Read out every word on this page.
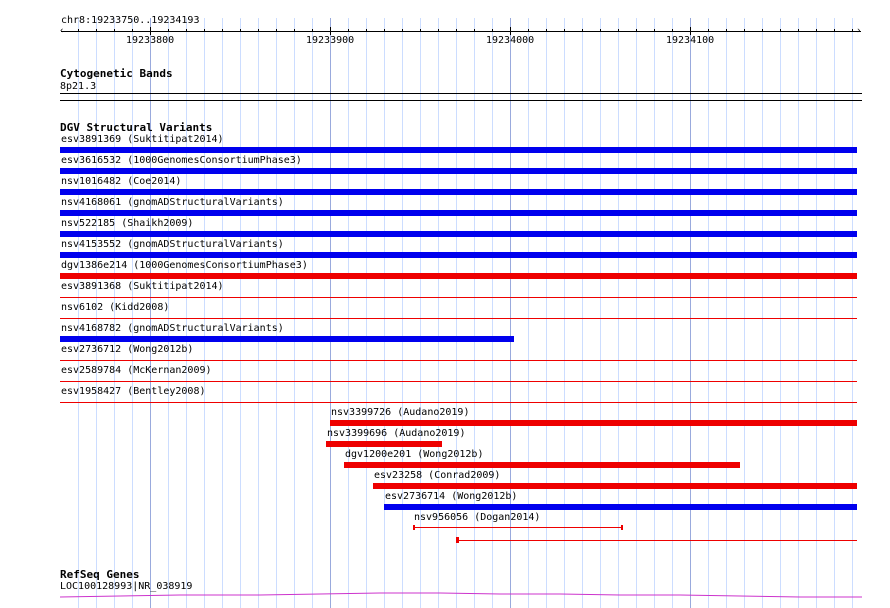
chr8:19233750..19234193
‹	›
19233800	19233900	19234000	19234100
Cytogenetic Bands
8p21.3
DGV Structural Variants
esv3891369 (Suktitipat2014)
esv3616532 (1000GenomesConsortiumPhase3)
nsv1016482 (Coe2014)
nsv4168061 (gnomADStructuralVariants)
nsv522185 (Shaikh2009)
nsv4153552 (gnomADStructuralVariants)
dgv1386e214 (1000GenomesConsortiumPhase3)
esv3891368 (Suktitipat2014)
nsv6102 (Kidd2008)
nsv4168782 (gnomADStructuralVariants)
esv2736712 (Wong2012b)
esv2589784 (McKernan2009)
esv1958427 (Bentley2008)
nsv3399726 (Audano2019)
nsv3399696 (Audano2019)
dgv1200e201 (Wong2012b)
esv23258 (Conrad2009)
esv2736714 (Wong2012b)
nsv956056 (Dogan2014)
RefSeq Genes
LOC100128993|NR_038919
